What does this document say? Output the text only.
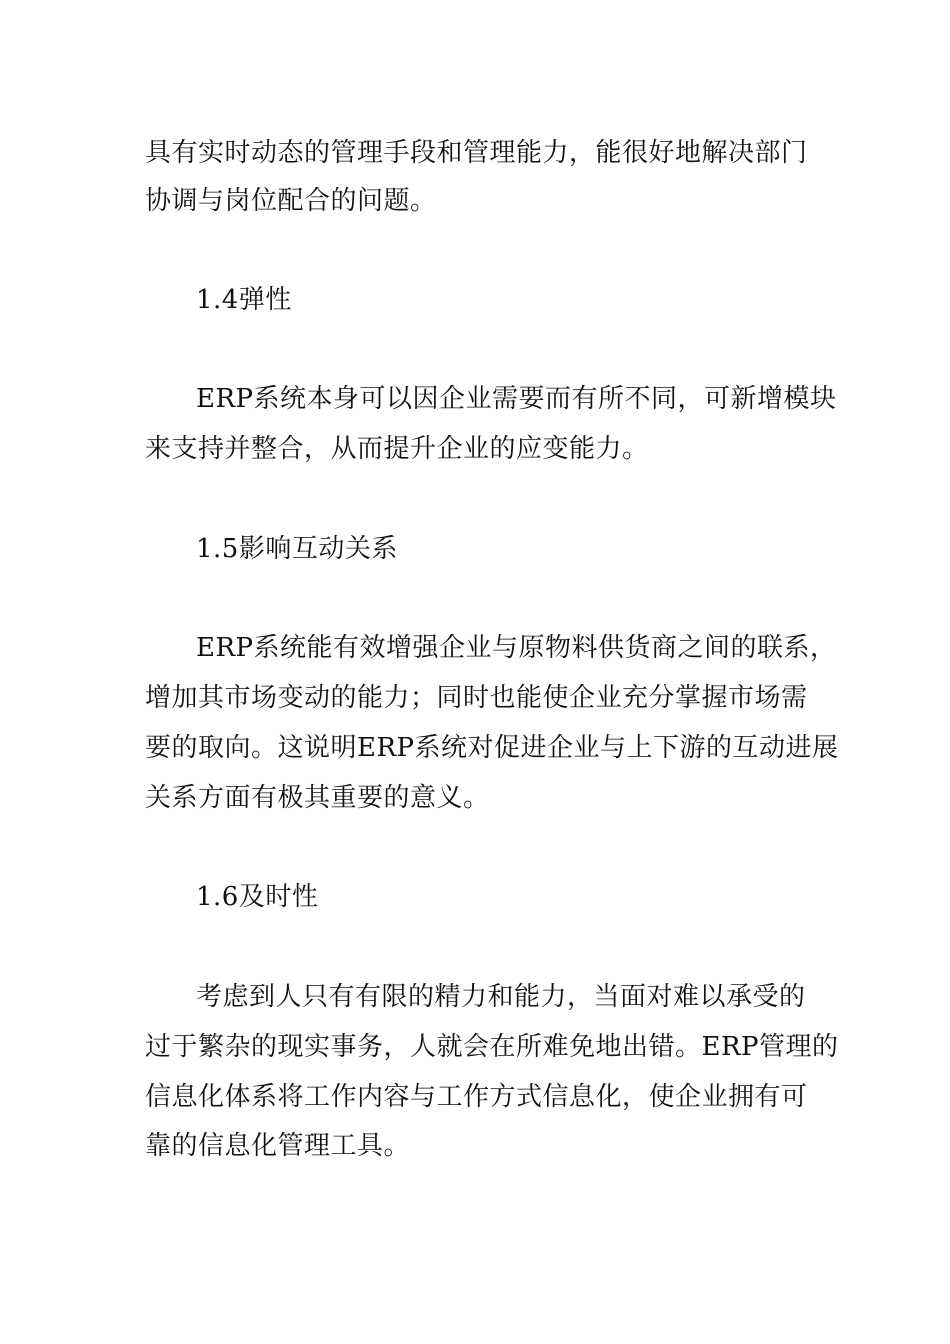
具有实时动态的管理手段和管理能力，能很好地解决部门
协调与岗位配合的问题。
1.4弹性
ERP系统本身可以因企业需要而有所不同，可新增模块
来支持并整合，从而提升企业的应变能力。
1.5影响互动关系
ERP系统能有效增强企业与原物料供货商之间的联系，
增加其市场变动的能力；同时也能使企业充分掌握市场需
要的取向。这说明ERP系统对促进企业与上下游的互动进展
关系方面有极其重要的意义。
1.6及时性
考虑到人只有有限的精力和能力，当面对难以承受的
过于繁杂的现实事务，人就会在所难免地出错。ERP管理的
信息化体系将工作内容与工作方式信息化，使企业拥有可
靠的信息化管理工具。
